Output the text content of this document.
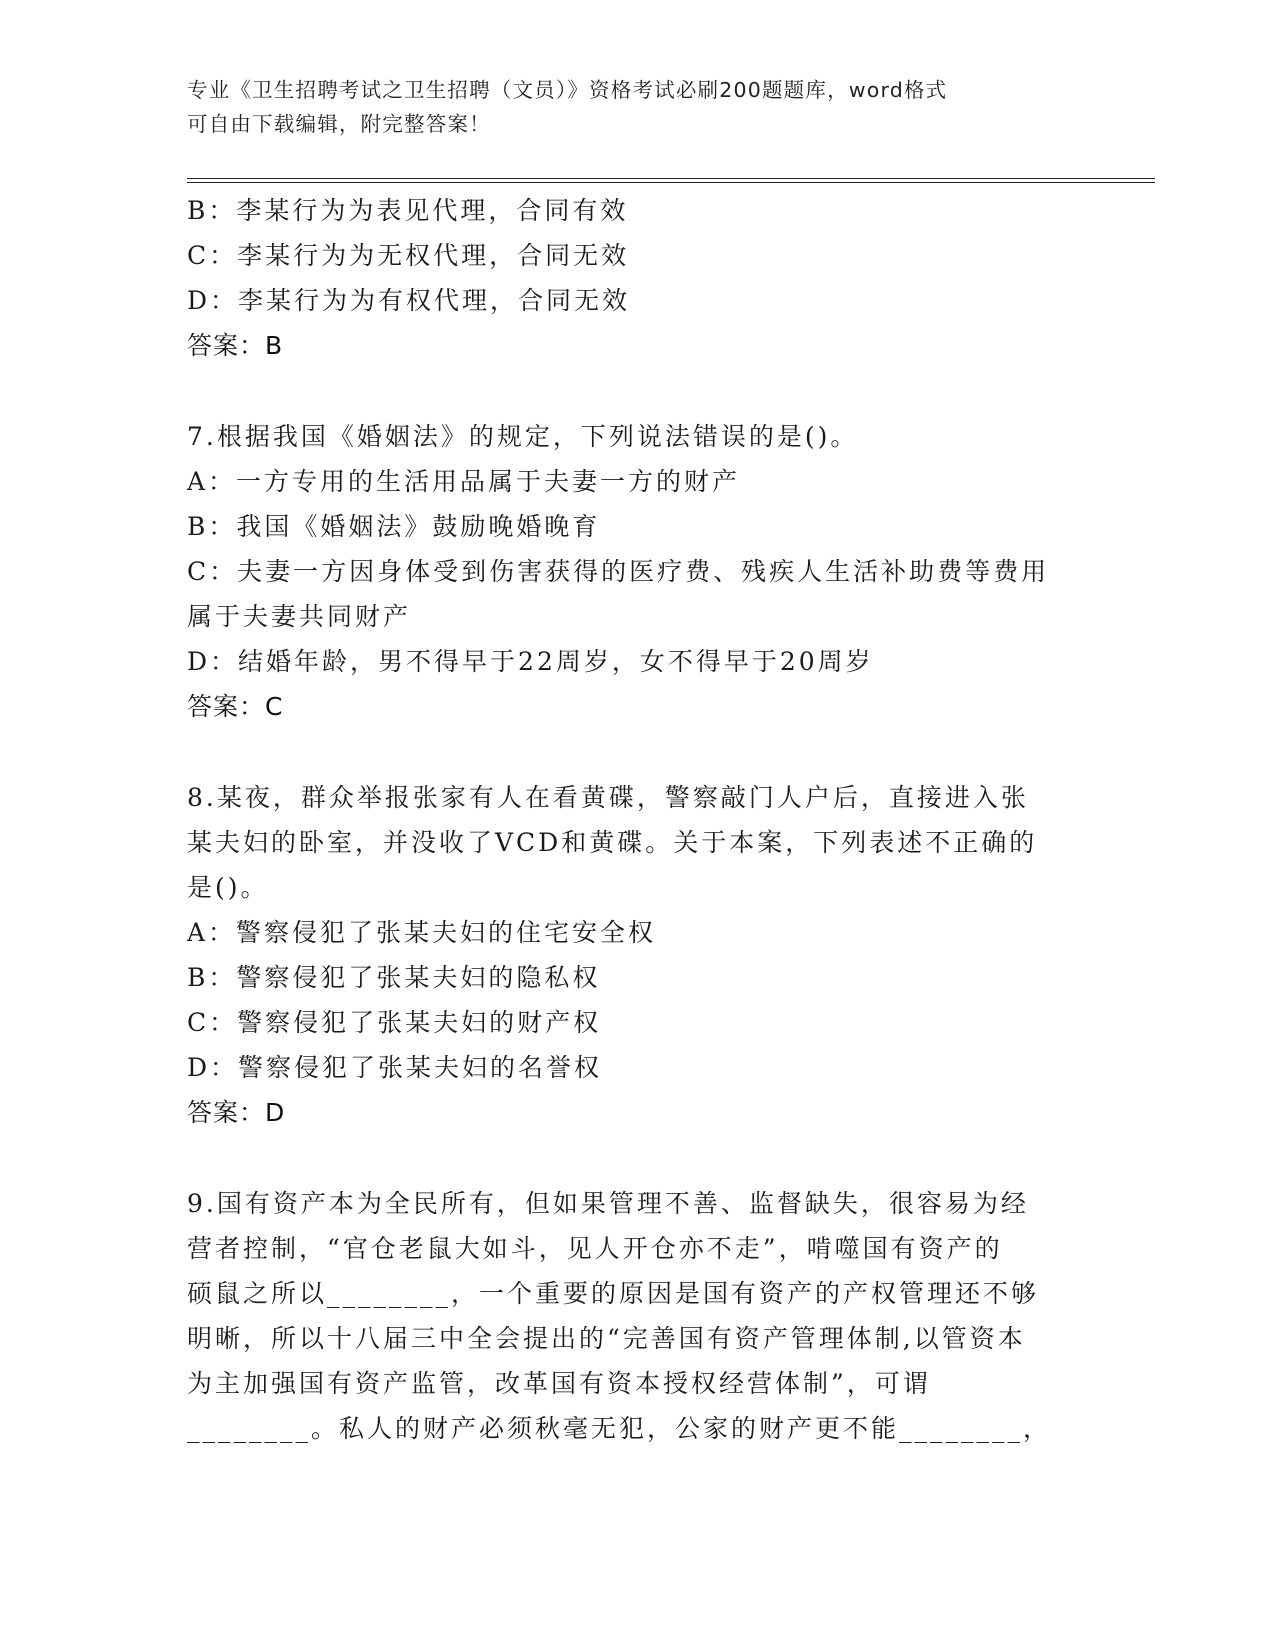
专业《卫生招聘考试之卫生招聘（文员）》资格考试必刷200题题库，word格式
可自由下载编辑，附完整答案！
B：李某行为为表见代理，合同有效
C：李某行为为无权代理，合同无效
D：李某行为为有权代理，合同无效
答案：B
7.根据我国《婚姻法》的规定，下列说法错误的是()。
A：一方专用的生活用品属于夫妻一方的财产
B：我国《婚姻法》鼓励晚婚晚育
C：夫妻一方因身体受到伤害获得的医疗费、残疾人生活补助费等费用
属于夫妻共同财产
D：结婚年龄，男不得早于22周岁，女不得早于20周岁
答案：C
8.某夜，群众举报张家有人在看黄碟，警察敲门人户后，直接进入张
某夫妇的卧室，并没收了VCD和黄碟。关于本案，下列表述不正确的
是()。
A：警察侵犯了张某夫妇的住宅安全权
B：警察侵犯了张某夫妇的隐私权
C：警察侵犯了张某夫妇的财产权
D：警察侵犯了张某夫妇的名誉权
答案：D
9.国有资产本为全民所有，但如果管理不善、监督缺失，很容易为经
营者控制，“官仓老鼠大如斗，见人开仓亦不走”，啃噬国有资产的
硕鼠之所以________，一个重要的原因是国有资产的产权管理还不够
明晰，所以十八届三中全会提出的“完善国有资产管理体制,以管资本
为主加强国有资产监管，改革国有资本授权经营体制”，可谓
________。私人的财产必须秋毫无犯，公家的财产更不能________，
